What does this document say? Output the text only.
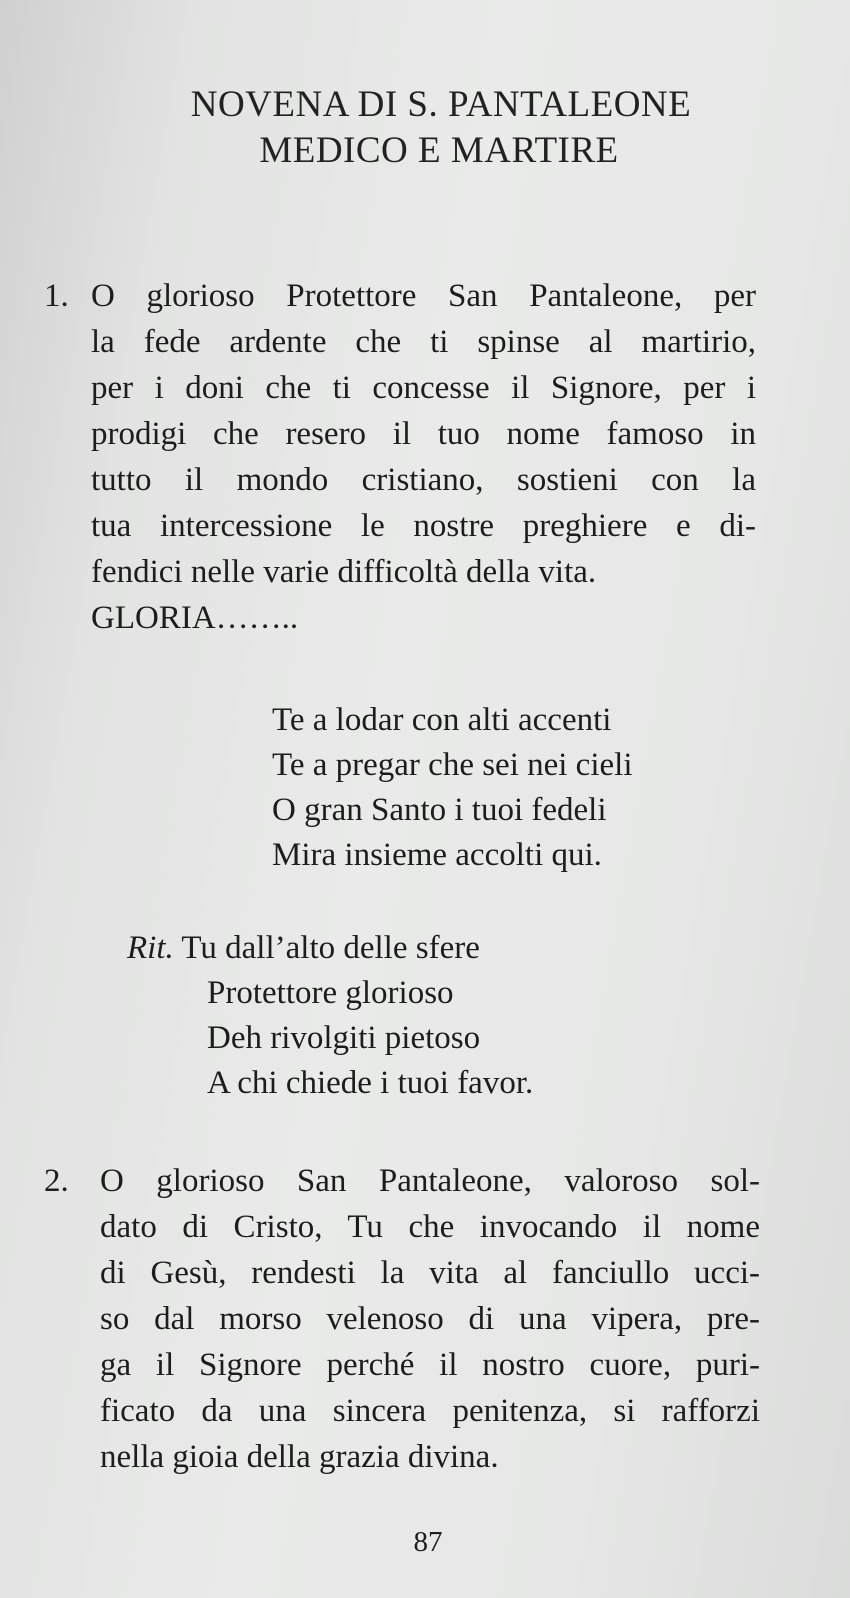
NOVENA DI S. PANTALEONE
MEDICO E MARTIRE
1. O glorioso Protettore San Pantaleone, per
la fede ardente che ti spinse al martirio,
per i doni che ti concesse il Signore, per i
prodigi che resero il tuo nome famoso in
tutto il mondo cristiano, sostieni con la
tua intercessione le nostre preghiere e di-
fendici nelle varie difficoltà della vita.
GLORIA……..
Te a lodar con alti accenti
Te a pregar che sei nei cieli
O gran Santo i tuoi fedeli
Mira insieme accolti qui.
Rit. Tu dall’alto delle sfere
Protettore glorioso
Deh rivolgiti pietoso
A chi chiede i tuoi favor.
2. O glorioso San Pantaleone, valoroso sol-
dato di Cristo, Tu che invocando il nome
di Gesù, rendesti la vita al fanciullo ucci-
so dal morso velenoso di una vipera, pre-
ga il Signore perché il nostro cuore, puri-
ficato da una sincera penitenza, si rafforzi
nella gioia della grazia divina.
87
